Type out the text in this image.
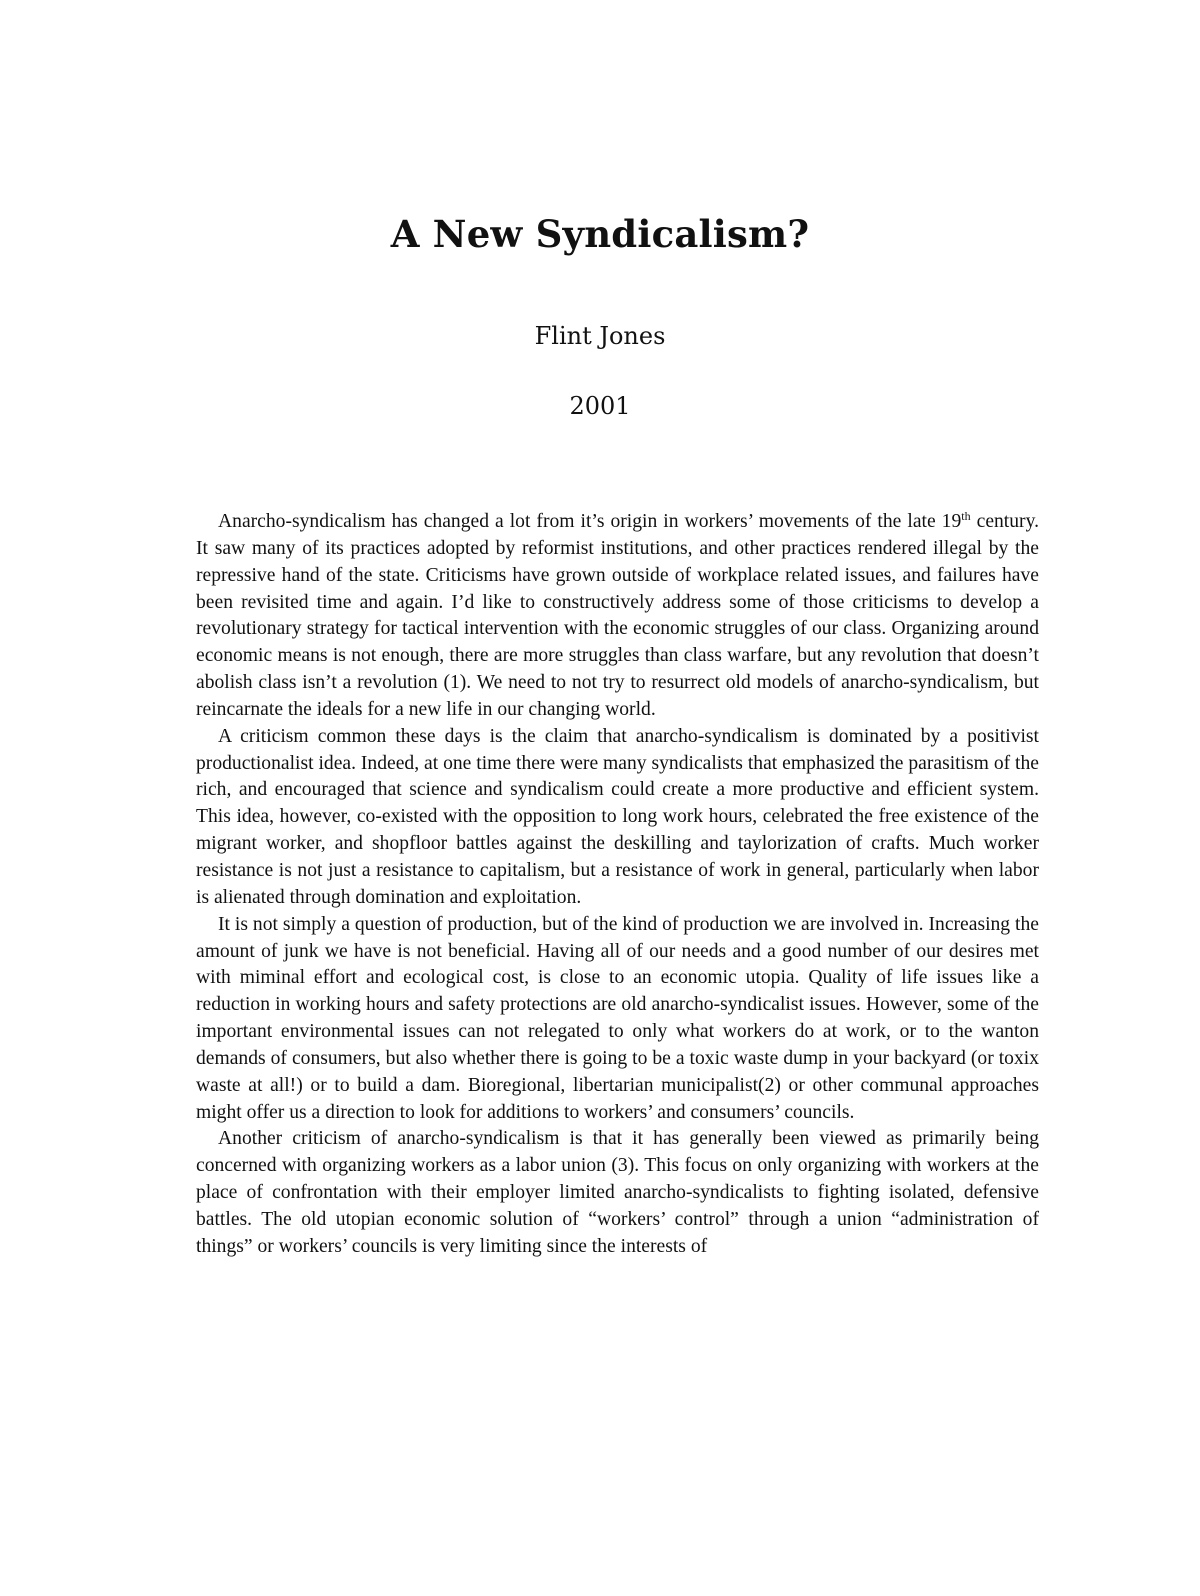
A New Syndicalism?
Flint Jones
2001

Anarcho-syndicalism has changed a lot from it’s origin in workers’ movements of the late 19th century. It saw many of its practices adopted by reformist institutions, and other practices rendered illegal by the repressive hand of the state. Criticisms have grown outside of workplace related issues, and failures have been revisited time and again. I’d like to constructively address some of those criticisms to develop a revolutionary strategy for tactical intervention with the economic struggles of our class. Organizing around economic means is not enough, there are more struggles than class warfare, but any revolution that doesn’t abolish class isn’t a revolution (1). We need to not try to resurrect old models of anarcho-syndicalism, but reincarnate the ideals for a new life in our changing world.

A criticism common these days is the claim that anarcho-syndicalism is dominated by a positivist productionalist idea. Indeed, at one time there were many syndicalists that emphasized the parasitism of the rich, and encouraged that science and syndicalism could create a more productive and efficient system. This idea, however, co-existed with the opposition to long work hours, celebrated the free existence of the migrant worker, and shopfloor battles against the deskilling and taylorization of crafts. Much worker resistance is not just a resistance to capitalism, but a resistance of work in general, particularly when labor is alienated through domination and exploitation.

It is not simply a question of production, but of the kind of production we are involved in. Increasing the amount of junk we have is not beneficial. Having all of our needs and a good number of our desires met with miminal effort and ecological cost, is close to an economic utopia. Quality of life issues like a reduction in working hours and safety protections are old anarcho-syndicalist issues. However, some of the important environmental issues can not relegated to only what workers do at work, or to the wanton demands of consumers, but also whether there is going to be a toxic waste dump in your backyard (or toxix waste at all!) or to build a dam. Bioregional, libertarian municipalist(2) or other communal approaches might offer us a direction to look for additions to workers’ and consumers’ councils.

Another criticism of anarcho-syndicalism is that it has generally been viewed as primarily being concerned with organizing workers as a labor union (3). This focus on only organizing with workers at the place of confrontation with their employer limited anarcho-syndicalists to fighting isolated, defensive battles. The old utopian economic solution of “workers’ control” through a union “administration of things” or workers’ councils is very limiting since the interests of
